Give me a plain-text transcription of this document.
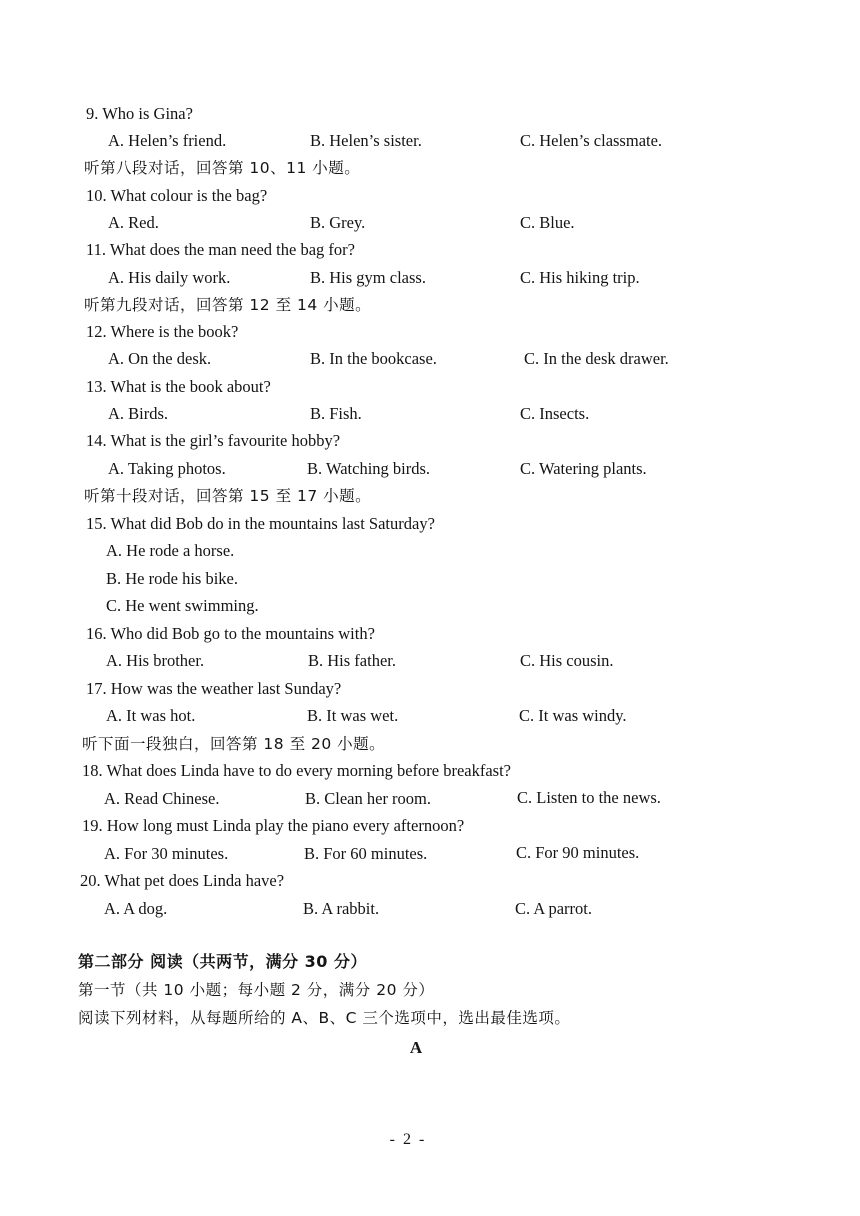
9. Who is Gina?
A. Helen’s friend.	B. Helen’s sister.	C. Helen’s classmate.
听第八段对话，回答第 10、11 小题。
10. What colour is the bag?
A. Red.	B. Grey.	C. Blue.
11. What does the man need the bag for?
A. His daily work.	B. His gym class.	C. His hiking trip.
听第九段对话，回答第 12 至 14 小题。
12. Where is the book?
A. On the desk.	B. In the bookcase.	C. In the desk drawer.
13. What is the book about?
A. Birds.	B. Fish.	C. Insects.
14. What is the girl’s favourite hobby?
A. Taking photos.	B. Watching birds.	C. Watering plants.
听第十段对话，回答第 15 至 17 小题。
15. What did Bob do in the mountains last Saturday?
A. He rode a horse.
B. He rode his bike.
C. He went swimming.
16. Who did Bob go to the mountains with?
A. His brother.	B. His father.	C. His cousin.
17. How was the weather last Sunday?
A. It was hot.	B. It was wet.	C. It was windy.
听下面一段独白，回答第 18 至 20 小题。
18. What does Linda have to do every morning before breakfast?
A. Read Chinese.	B. Clean her room.	C. Listen to the news.
19. How long must Linda play the piano every afternoon?
A. For 30 minutes.	B. For 60 minutes.	C. For 90 minutes.
20. What pet does Linda have?
A. A dog.	B. A rabbit.	C. A parrot.
第二部分 阅读（共两节，满分 30 分）
第一节（共 10 小题；每小题 2 分，满分 20 分）
阅读下列材料，从每题所给的 A、B、C 三个选项中，选出最佳选项。
A
- 2 -
